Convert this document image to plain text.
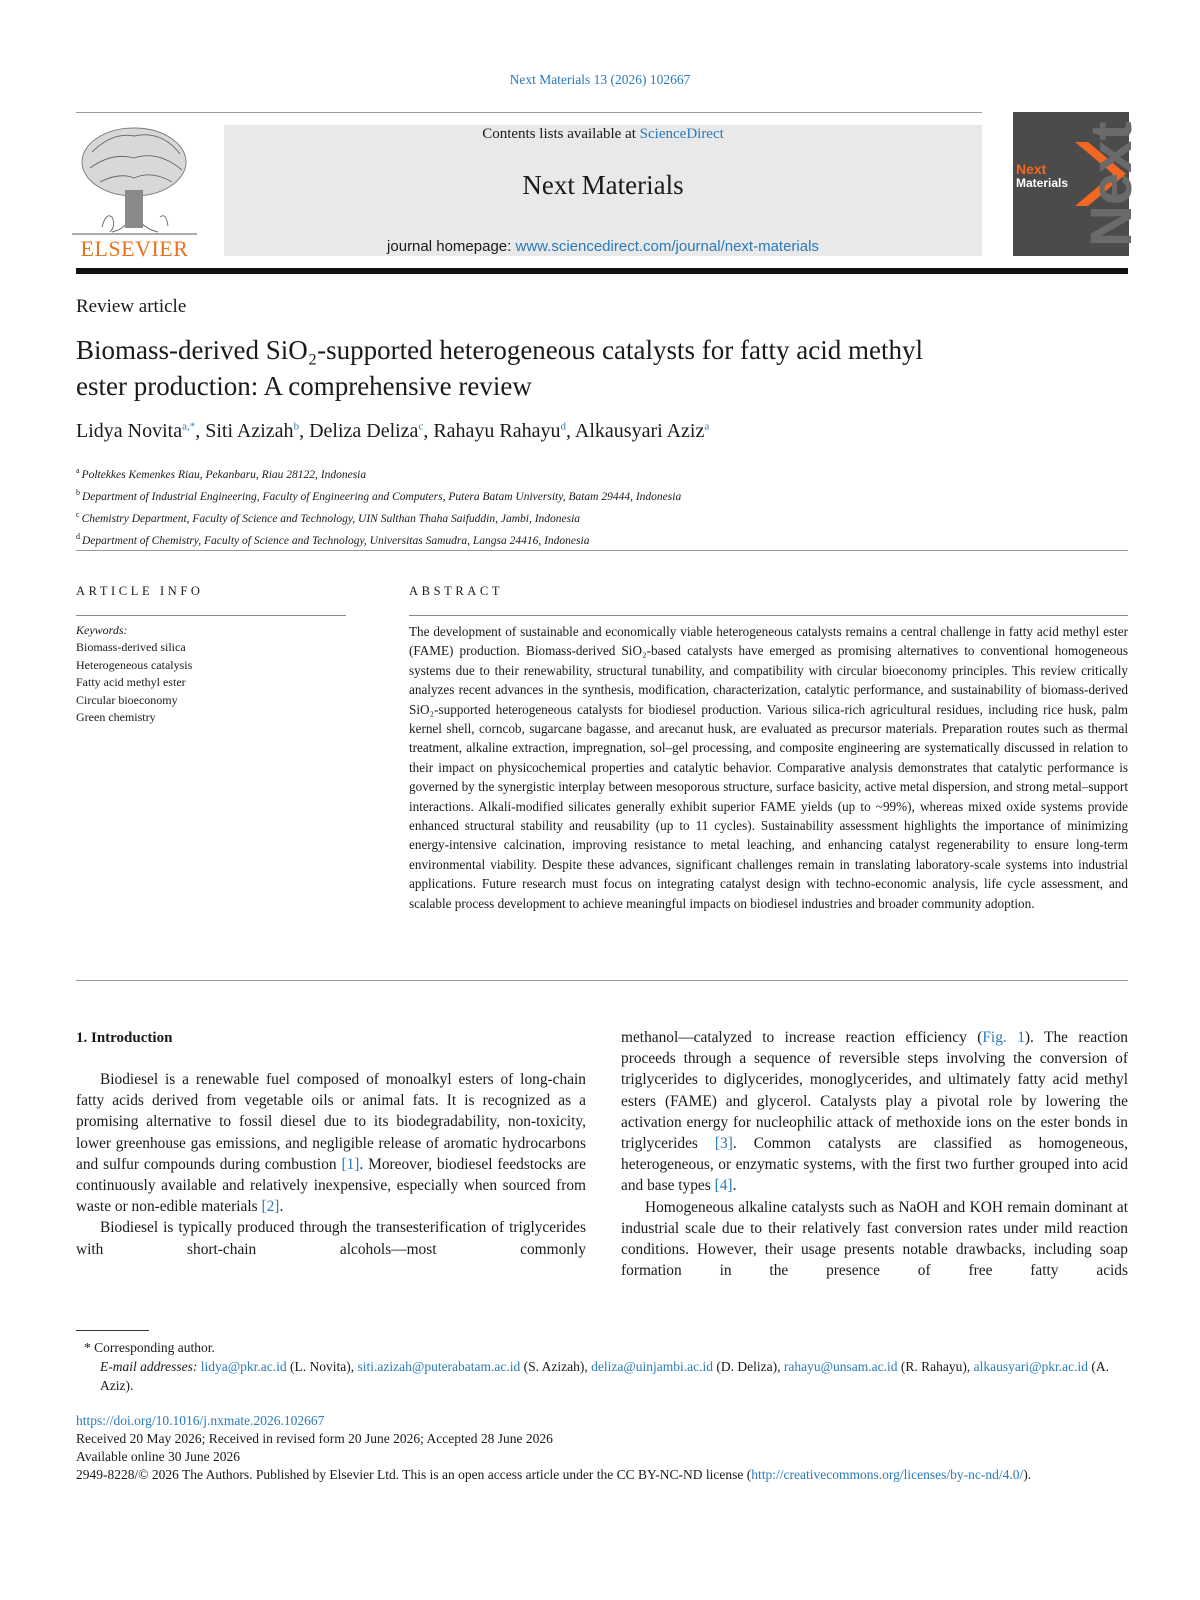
Next Materials 13 (2026) 102667
ELSEVIER
Contents lists available at ScienceDirect
Next Materials
journal homepage: www.sciencedirect.com/journal/next-materials	Next
Next
Materials
Review article
Biomass-derived SiO₂-supported heterogeneous catalysts for fatty acid methyl ester production: A comprehensive review
Lidya Novita$^{a,*}$, Siti Azizah$^b$, Deliza Deliza$^c$, Rahayu Rahayu$^d$, Alkausyari Aziz$^a$
$^a$ Poltekkes Kemenkes Riau, Pekanbaru, Riau 28122, Indonesia
$^b$ Department of Industrial Engineering, Faculty of Engineering and Computers, Putera Batam University, Batam 29444, Indonesia
$^c$ Chemistry Department, Faculty of Science and Technology, UIN Sulthan Thaha Saifuddin, Jambi, Indonesia
$^d$ Department of Chemistry, Faculty of Science and Technology, Universitas Samudra, Langsa 24416, Indonesia
ARTICLE INFO	ABSTRACT
Keywords:
Biomass-derived silica
Heterogeneous catalysis
Fatty acid methyl ester
Circular bioeconomy
Green chemistry
The development of sustainable and economically viable heterogeneous catalysts remains a central challenge in fatty acid methyl ester (FAME) production. Biomass-derived SiO₂-based catalysts have emerged as promising alternatives to conventional homogeneous systems due to their renewability, structural tunability, and compatibility with circular bioeconomy principles. This review critically analyzes recent advances in the synthesis, modification, characterization, catalytic performance, and sustainability of biomass-derived SiO₂-supported heterogeneous catalysts for biodiesel production. Various silica-rich agricultural residues, including rice husk, palm kernel shell, corncob, sugarcane bagasse, and arecanut husk, are evaluated as precursor materials. Preparation routes such as thermal treatment, alkaline extraction, impregnation, sol–gel processing, and composite engineering are systematically discussed in relation to their impact on physicochemical properties and catalytic behavior. Comparative analysis demonstrates that catalytic performance is governed by the synergistic interplay between mesoporous structure, surface basicity, active metal dispersion, and strong metal–support interactions. Alkali-modified silicates generally exhibit superior FAME yields (up to ~99%), whereas mixed oxide systems provide enhanced structural stability and reusability (up to 11 cycles). Sustainability assessment highlights the importance of minimizing energy-intensive calcination, improving resistance to metal leaching, and enhancing catalyst regenerability to ensure long-term environmental viability. Despite these advances, significant challenges remain in translating laboratory-scale systems into industrial applications. Future research must focus on integrating catalyst design with techno-economic analysis, life cycle assessment, and scalable process development to achieve meaningful impacts on biodiesel industries and broader community adoption.
1. Introduction

Biodiesel is a renewable fuel composed of monoalkyl esters of long-chain fatty acids derived from vegetable oils or animal fats. It is recognized as a promising alternative to fossil diesel due to its biodegradability, non-toxicity, lower greenhouse gas emissions, and negligible release of aromatic hydrocarbons and sulfur compounds during combustion [1]. Moreover, biodiesel feedstocks are continuously available and relatively inexpensive, especially when sourced from waste or non-edible materials [2].

Biodiesel is typically produced through the transesterification of triglycerides with short-chain alcohols—most commonly

methanol—catalyzed to increase reaction efficiency (Fig. 1). The reaction proceeds through a sequence of reversible steps involving the conversion of triglycerides to diglycerides, monoglycerides, and ultimately fatty acid methyl esters (FAME) and glycerol. Catalysts play a pivotal role by lowering the activation energy for nucleophilic attack of methoxide ions on the ester bonds in triglycerides [3]. Common catalysts are classified as homogeneous, heterogeneous, or enzymatic systems, with the first two further grouped into acid and base types [4].

Homogeneous alkaline catalysts such as NaOH and KOH remain dominant at industrial scale due to their relatively fast conversion rates under mild reaction conditions. However, their usage presents notable drawbacks, including soap formation in the presence of free fatty acids

* Corresponding author.
E-mail addresses: lidya@pkr.ac.id (L. Novita), siti.azizah@puterabatam.ac.id (S. Azizah), deliza@uinjambi.ac.id (D. Deliza), rahayu@unsam.ac.id (R. Rahayu), alkausyari@pkr.ac.id (A. Aziz).
https://doi.org/10.1016/j.nxmate.2026.102667
Received 20 May 2026; Received in revised form 20 June 2026; Accepted 28 June 2026
Available online 30 June 2026
2949-8228/© 2026 The Authors. Published by Elsevier Ltd. This is an open access article under the CC BY-NC-ND license (http://creativecommons.org/licenses/by-nc-nd/4.0/).
